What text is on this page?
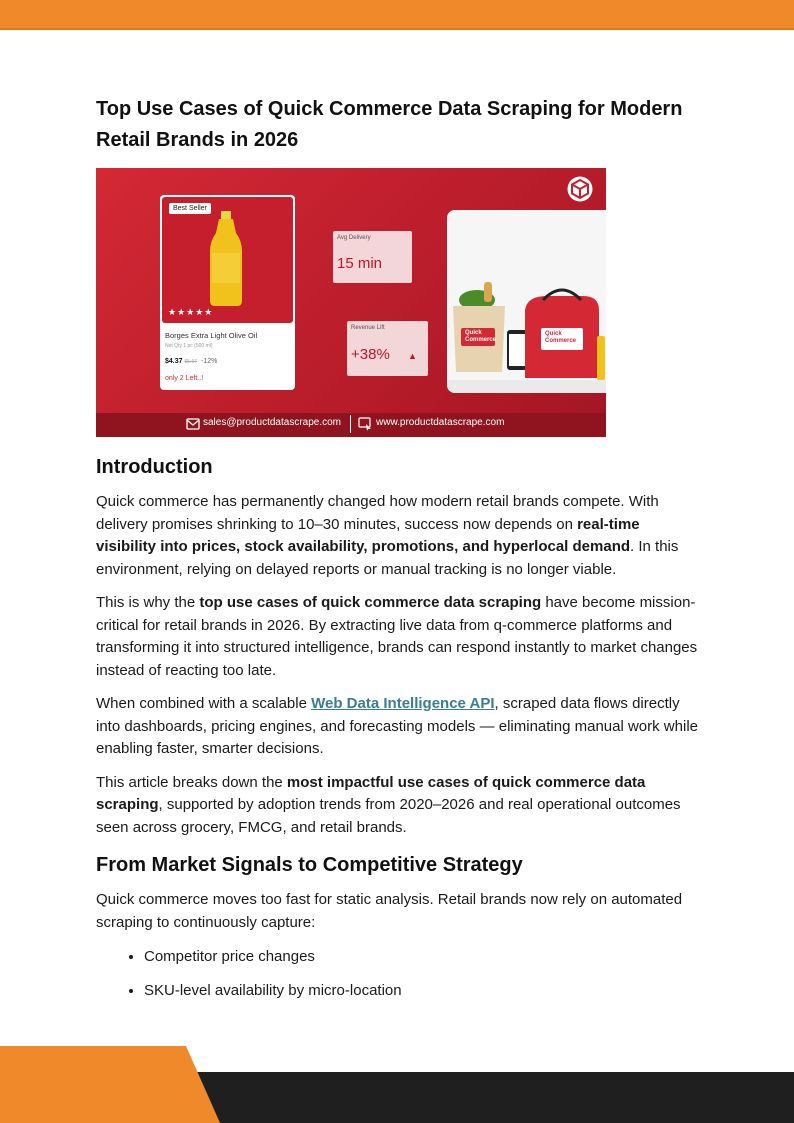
Top Use Cases of Quick Commerce Data Scraping for Modern Retail Brands in 2026
Best Seller
★★★★★
Borges Extra Light Olive Oil
Net Qty 1 pc (500 ml)
$4.37 $5.97 -12%
only 2 Left..!
Avg Delivery
15 min
Revenue Lift
+38% ▲
Quick Commerce
Quick Commerce
sales@productdatascrape.com	www.productdatascrape.com
Introduction

Quick commerce has permanently changed how modern retail brands compete. With delivery promises shrinking to 10–30 minutes, success now depends on real-time visibility into prices, stock availability, promotions, and hyperlocal demand. In this environment, relying on delayed reports or manual tracking is no longer viable.

This is why the top use cases of quick commerce data scraping have become mission-critical for retail brands in 2026. By extracting live data from q-commerce platforms and transforming it into structured intelligence, brands can respond instantly to market changes instead of reacting too late.

When combined with a scalable Web Data Intelligence API, scraped data flows directly into dashboards, pricing engines, and forecasting models — eliminating manual work while enabling faster, smarter decisions.

This article breaks down the most impactful use cases of quick commerce data scraping, supported by adoption trends from 2020–2026 and real operational outcomes seen across grocery, FMCG, and retail brands.

From Market Signals to Competitive Strategy

Quick commerce moves too fast for static analysis. Retail brands now rely on automated scraping to continuously capture:

• Competitor price changes
• SKU-level availability by micro-location
